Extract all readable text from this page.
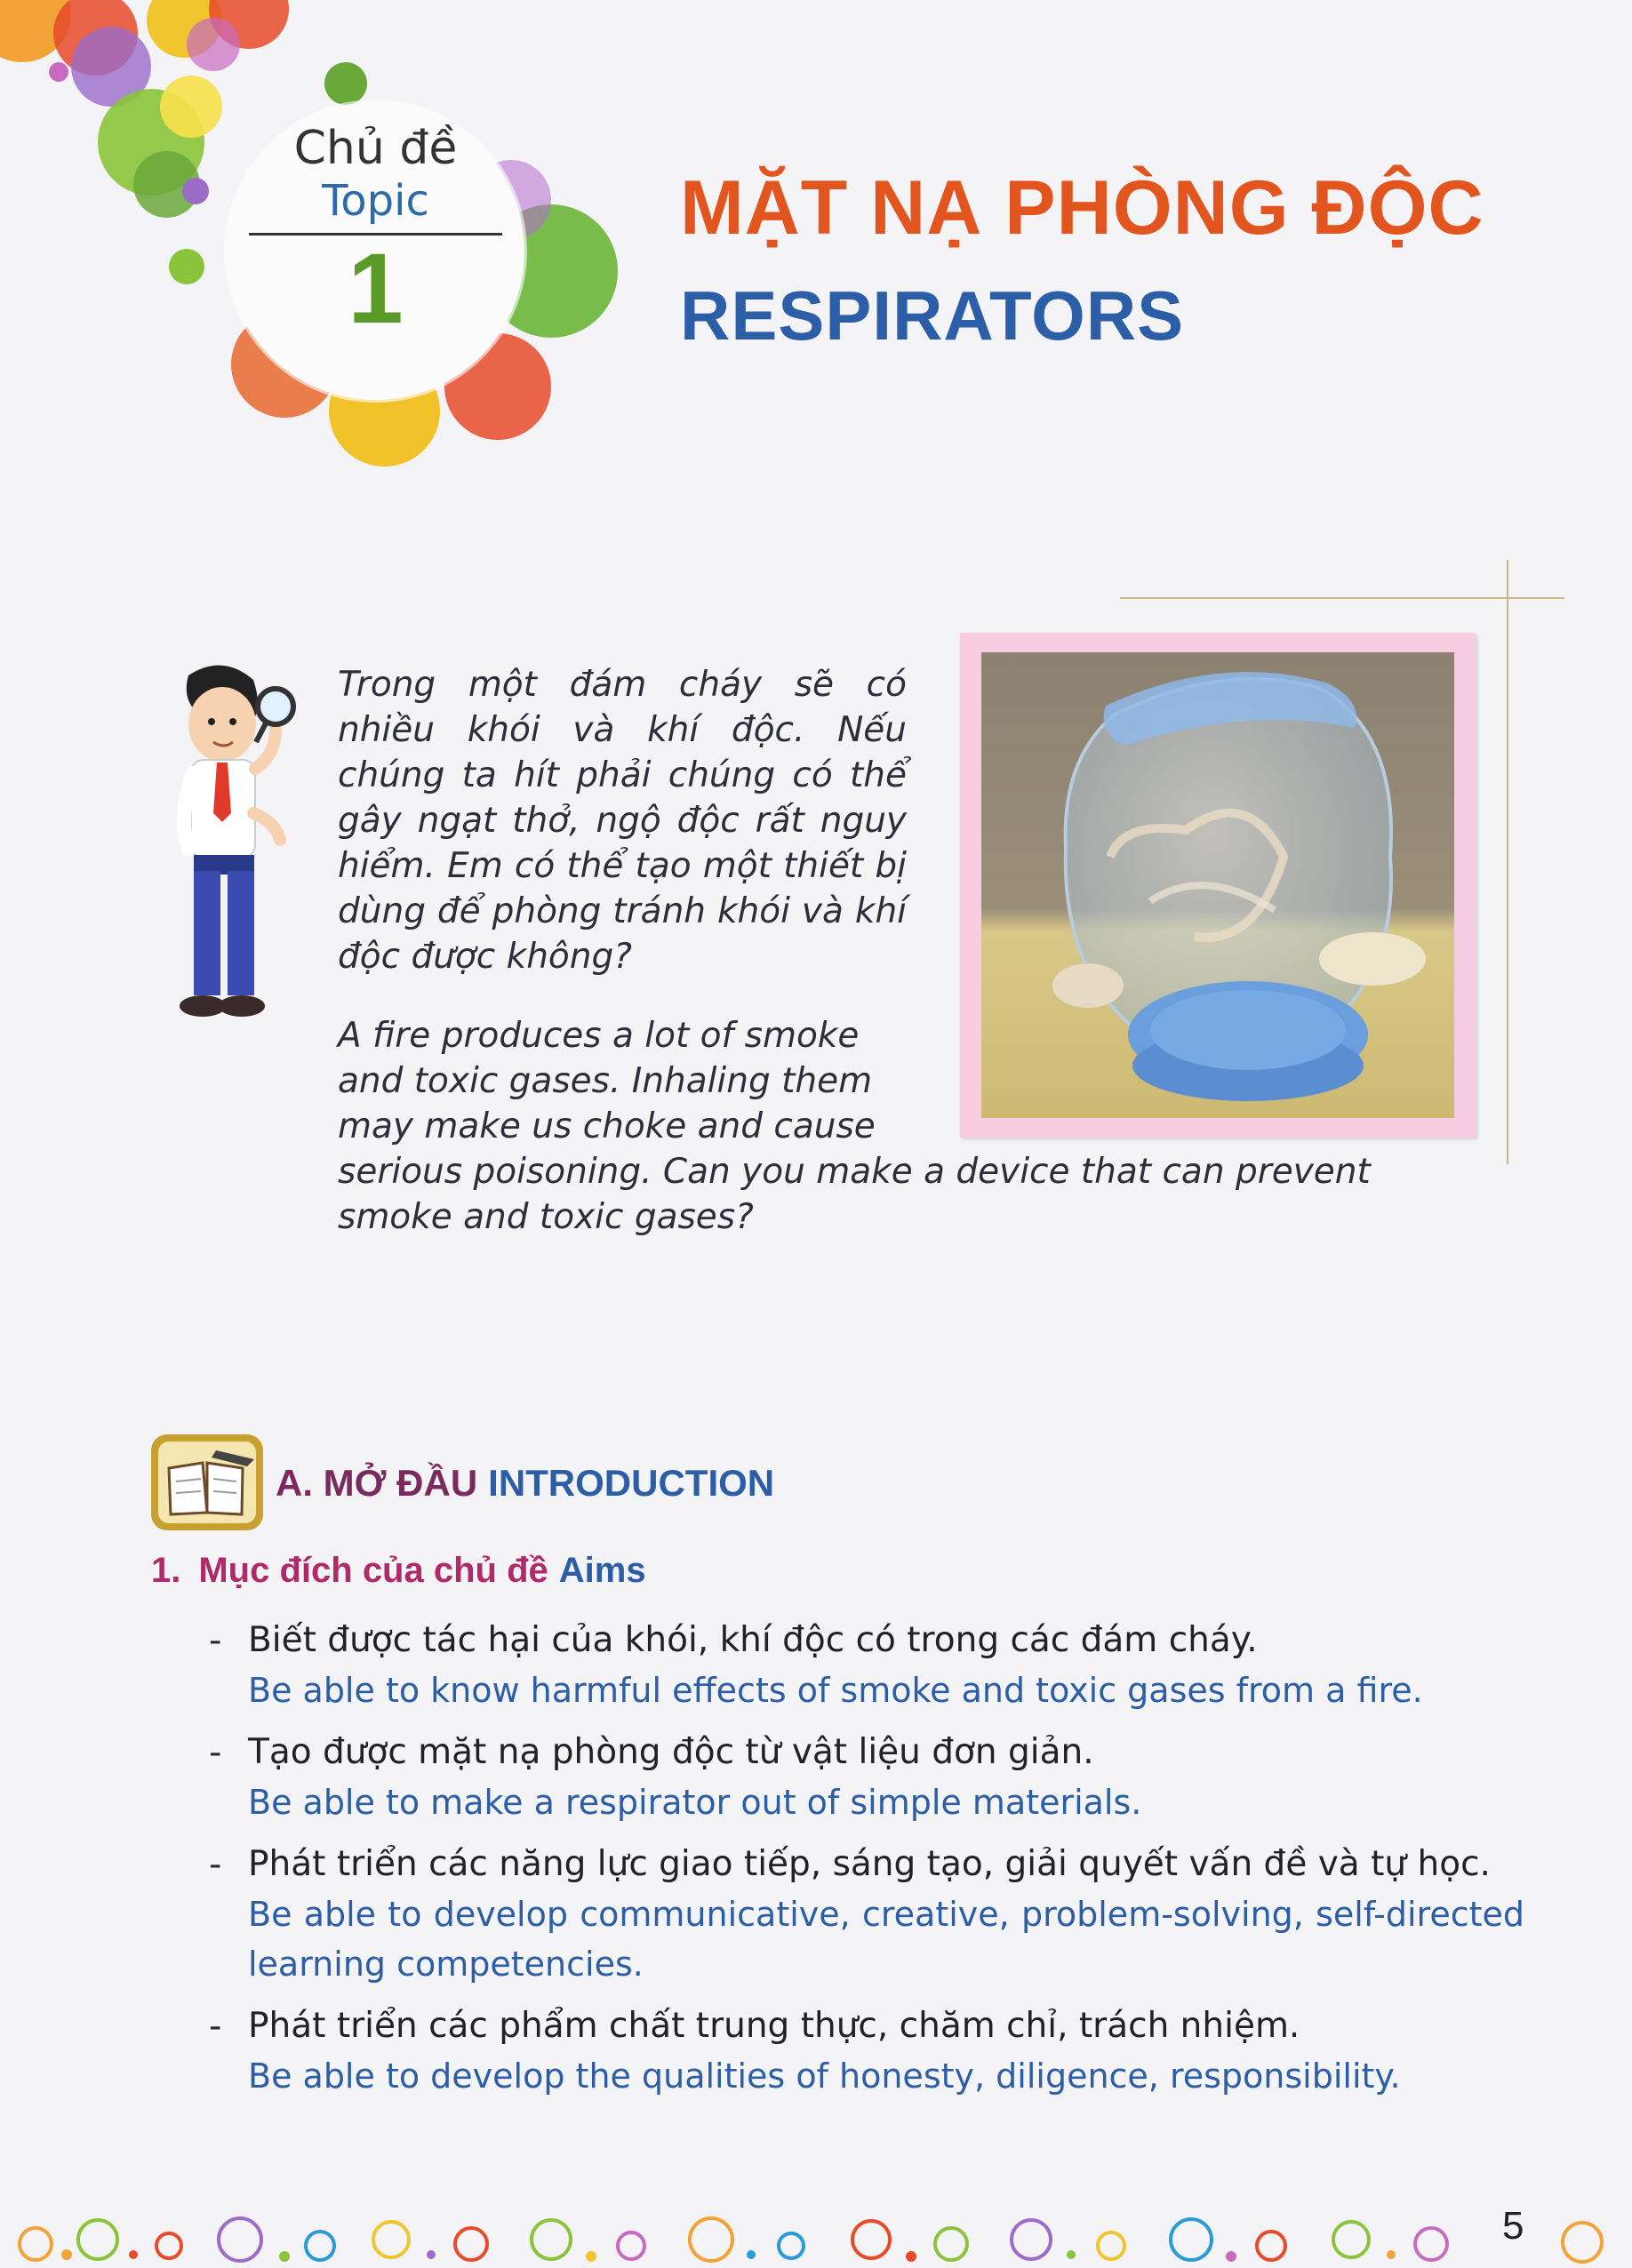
Chủ đề
Topic
1
MẶT NẠ PHÒNG ĐỘC
RESPIRATORS
Trong một đám cháy sẽ có nhiều khói và khí độc. Nếu chúng ta hít phải chúng có thể gây ngạt thở, ngộ độc rất nguy hiểm. Em có thể tạo một thiết bị dùng để phòng tránh khói và khí độc được không?
A fire produces a lot of smoke
and toxic gases. Inhaling them
may make us choke and cause
serious poisoning. Can you make a device that can prevent
smoke and toxic gases?
A. MỞ ĐẦU INTRODUCTION
1. Mục đích của chủ đề Aims
- Biết được tác hại của khói, khí độc có trong các đám cháy.
Be able to know harmful effects of smoke and toxic gases from a fire.
- Tạo được mặt nạ phòng độc từ vật liệu đơn giản.
Be able to make a respirator out of simple materials.
- Phát triển các năng lực giao tiếp, sáng tạo, giải quyết vấn đề và tự học.
Be able to develop communicative, creative, problem-solving, self-directed learning competencies.
- Phát triển các phẩm chất trung thực, chăm chỉ, trách nhiệm.
Be able to develop the qualities of honesty, diligence, responsibility.
5
